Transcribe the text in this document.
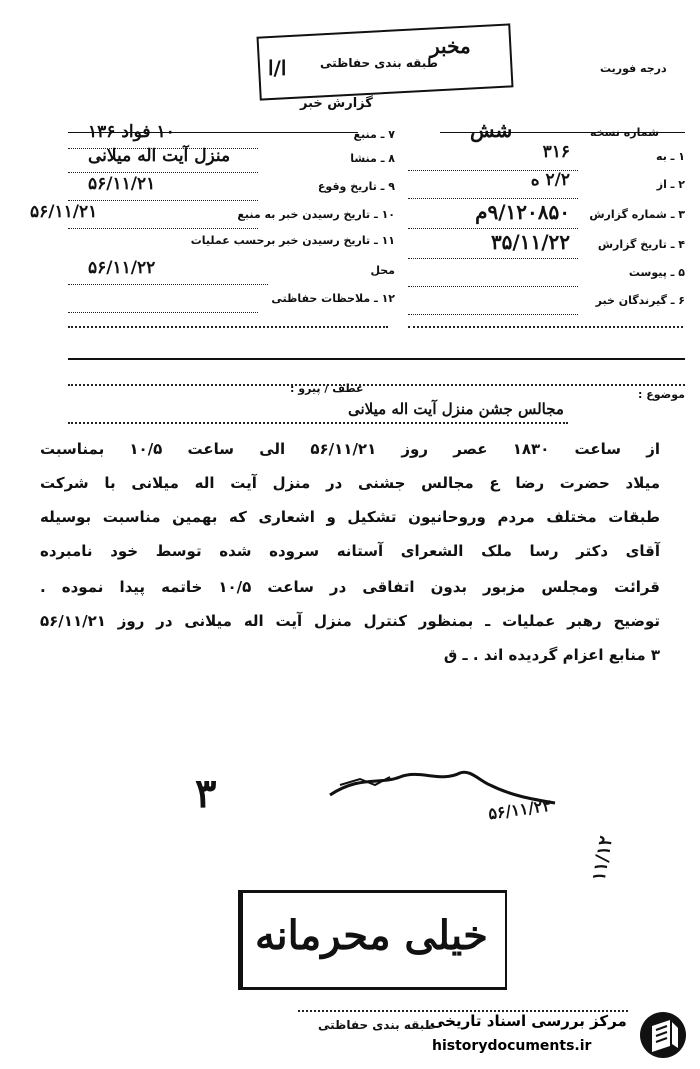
مخبر
طبقه بندی حفاظتی
ا/ا
گزارش خبر
درجه فوریت
شماره نسخه
شش
۷ ـ منبع
۱۰ فواد ۱۳۶
۸ ـ منشا
منزل آیت اله میلانی
۹ ـ تاریخ وقوع
۵۶/۱۱/۲۱
۱۰ ـ تاریخ رسیدن خبر به منبع
۵۶/۱۱/۲۱
۱۱ ـ تاریخ رسیدن خبر برحسب عملیات
محل
۵۶/۱۱/۲۲
۱۲ ـ ملاحظات حفاظتی
۱ ـ به
۳۱۶
۲ ـ از
۲/۲ ه
۳ ـ شماره گزارش
۹/۱۲۰۸۵۰م
۴ ـ تاریخ گزارش
۳۵/۱۱/۲۲
۵ ـ پیوست
۶ ـ گیرندگان خبر
موضوع :
مجالس جشن منزل آیت اله میلانی
عطف / پیرو :
از ساعت ۱۸۳۰ عصر روز ۵۶/۱۱/۲۱ الی ساعت ۱۰/۵ بمناسبت
میلاد حضرت رضا ع مجالس جشنی در منزل آیت اله میلانی با شرکت
طبقات مختلف مردم وروحانیون تشکیل و اشعاری که بهمین مناسبت بوسیله
آقای دکتر رسا ملک الشعرای آستانه سروده شده توسط خود نامبرده
قرائت ومجلس مزبور بدون اتفاقی در ساعت ۱۰/۵ خاتمه پیدا نموده .
توضیح رهبر عملیات ـ بمنظور کنترل منزل آیت اله میلانی در روز ۵۶/۱۱/۲۱
۳ منابع اعزام گردیده اند . ـ ق
۳	۵۶/۱۱/۲۳
۱۱/۱۲
خیلی محرمانه
طبقه بندی حفاظتی
مرکز بررسی اسناد تاریخی
historydocuments.ir
